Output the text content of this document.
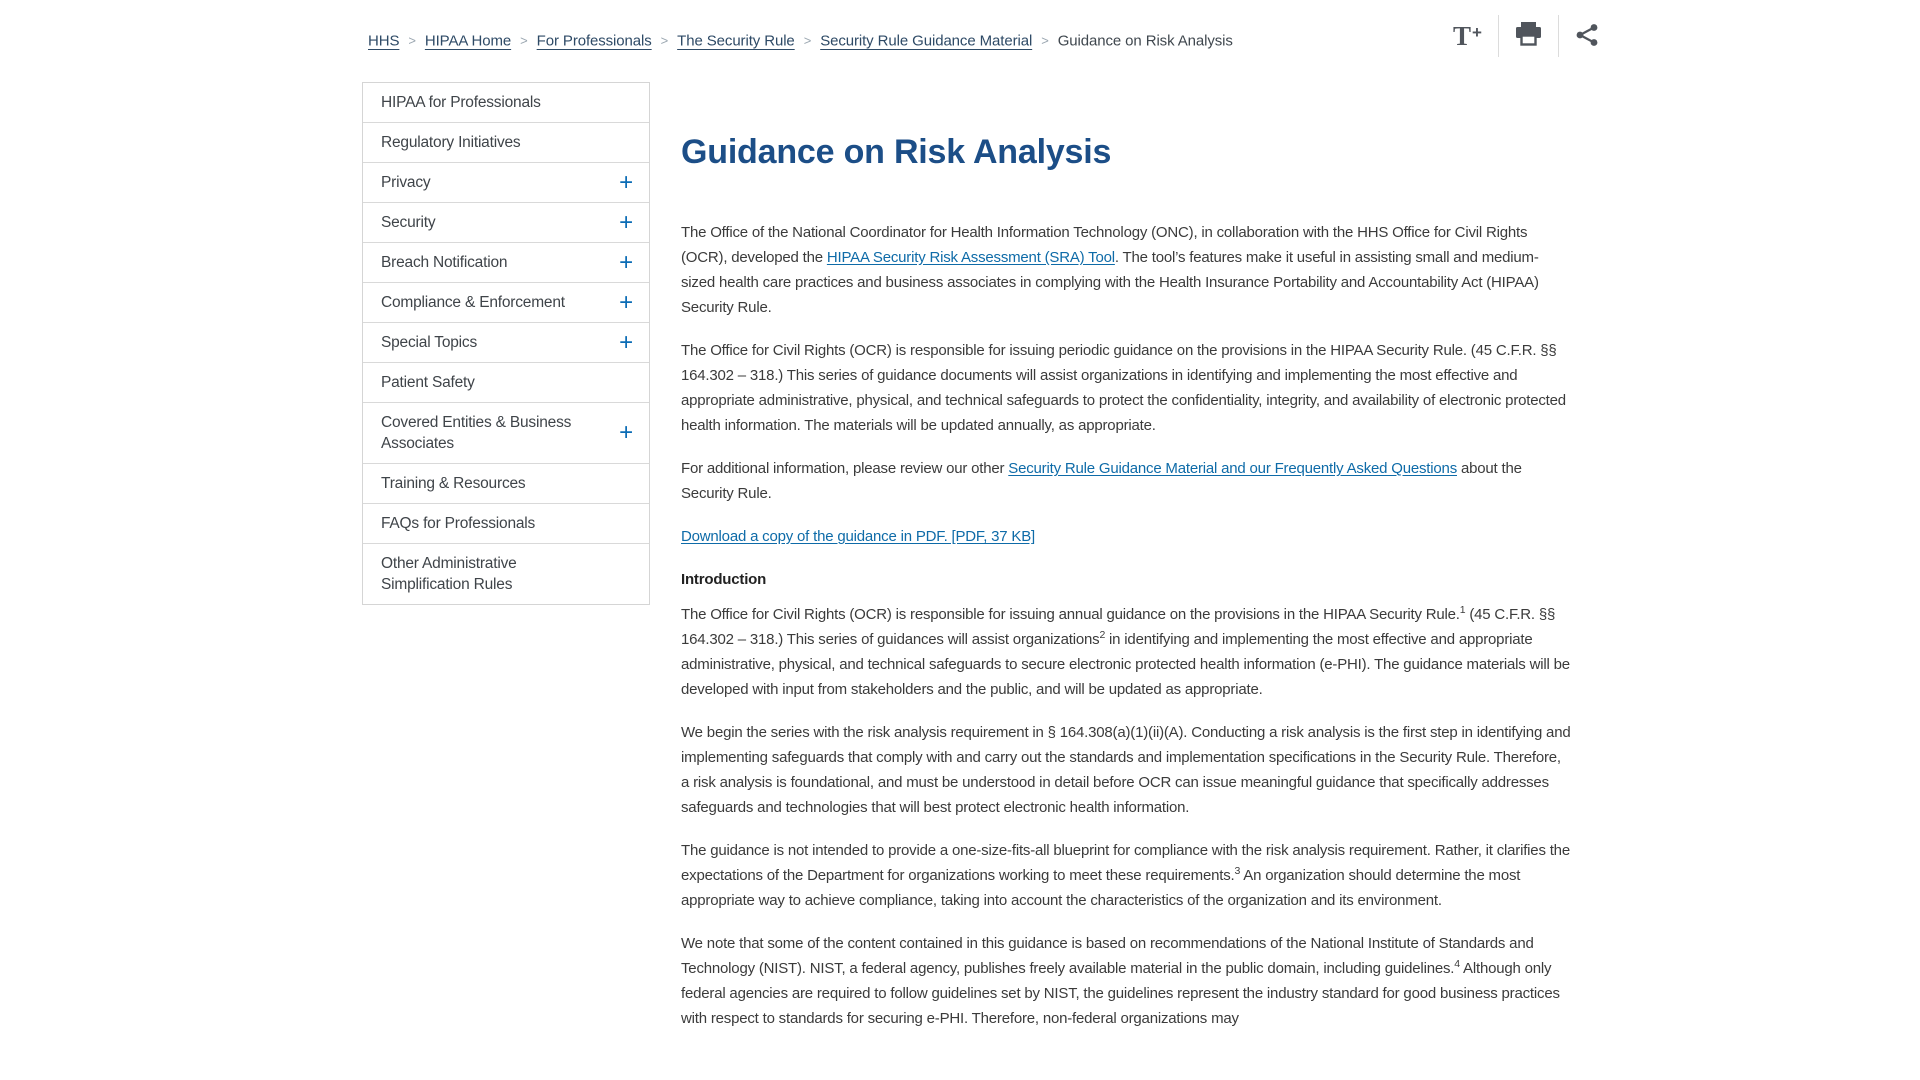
HHS > HIPAA Home > For Professionals > The Security Rule > Security Rule Guidance Material > Guidance on Risk Analysis	T +
HIPAA for Professionals
Regulatory Initiatives
Privacy	+
Security	+
Breach Notification	+
Compliance & Enforcement +
Special Topics	+
Patient Safety
Covered Entities & Business Associates	+
Training & Resources
FAQs for Professionals
Other Administrative Simplification Rules
Guidance on Risk Analysis

The Office of the National Coordinator for Health Information Technology (ONC), in collaboration with the HHS Office for Civil Rights (OCR), developed the HIPAA Security Risk Assessment (SRA) Tool. The tool’s features make it useful in assisting small and medium-sized health care practices and business associates in complying with the Health Insurance Portability and Accountability Act (HIPAA) Security Rule.

The Office for Civil Rights (OCR) is responsible for issuing periodic guidance on the provisions in the HIPAA Security Rule. (45 C.F.R. §§ 164.302 – 318.) This series of guidance documents will assist organizations in identifying and implementing the most effective and appropriate administrative, physical, and technical safeguards to protect the confidentiality, integrity, and availability of electronic protected health information. The materials will be updated annually, as appropriate.

For additional information, please review our other Security Rule Guidance Material and our Frequently Asked Questions about the Security Rule.

Download a copy of the guidance in PDF. [PDF, 37 KB]

Introduction

The Office for Civil Rights (OCR) is responsible for issuing annual guidance on the provisions in the HIPAA Security Rule.$^1$ (45 C.F.R. §§ 164.302 – 318.) This series of guidances will assist organizations$^2$ in identifying and implementing the most effective and appropriate administrative, physical, and technical safeguards to secure electronic protected health information (e-PHI). The guidance materials will be developed with input from stakeholders and the public, and will be updated as appropriate.

We begin the series with the risk analysis requirement in § 164.308(a)(1)(ii)(A). Conducting a risk analysis is the first step in identifying and implementing safeguards that comply with and carry out the standards and implementation specifications in the Security Rule. Therefore, a risk analysis is foundational, and must be understood in detail before OCR can issue meaningful guidance that specifically addresses safeguards and technologies that will best protect electronic health information.

The guidance is not intended to provide a one-size-fits-all blueprint for compliance with the risk analysis requirement. Rather, it clarifies the expectations of the Department for organizations working to meet these requirements.$^3$ An organization should determine the most appropriate way to achieve compliance, taking into account the characteristics of the organization and its environment.

We note that some of the content contained in this guidance is based on recommendations of the National Institute of Standards and Technology (NIST). NIST, a federal agency, publishes freely available material in the public domain, including guidelines.$^4$ Although only federal agencies are required to follow guidelines set by NIST, the guidelines represent the industry standard for good business practices with respect to standards for securing e-PHI. Therefore, non-federal organizations may
